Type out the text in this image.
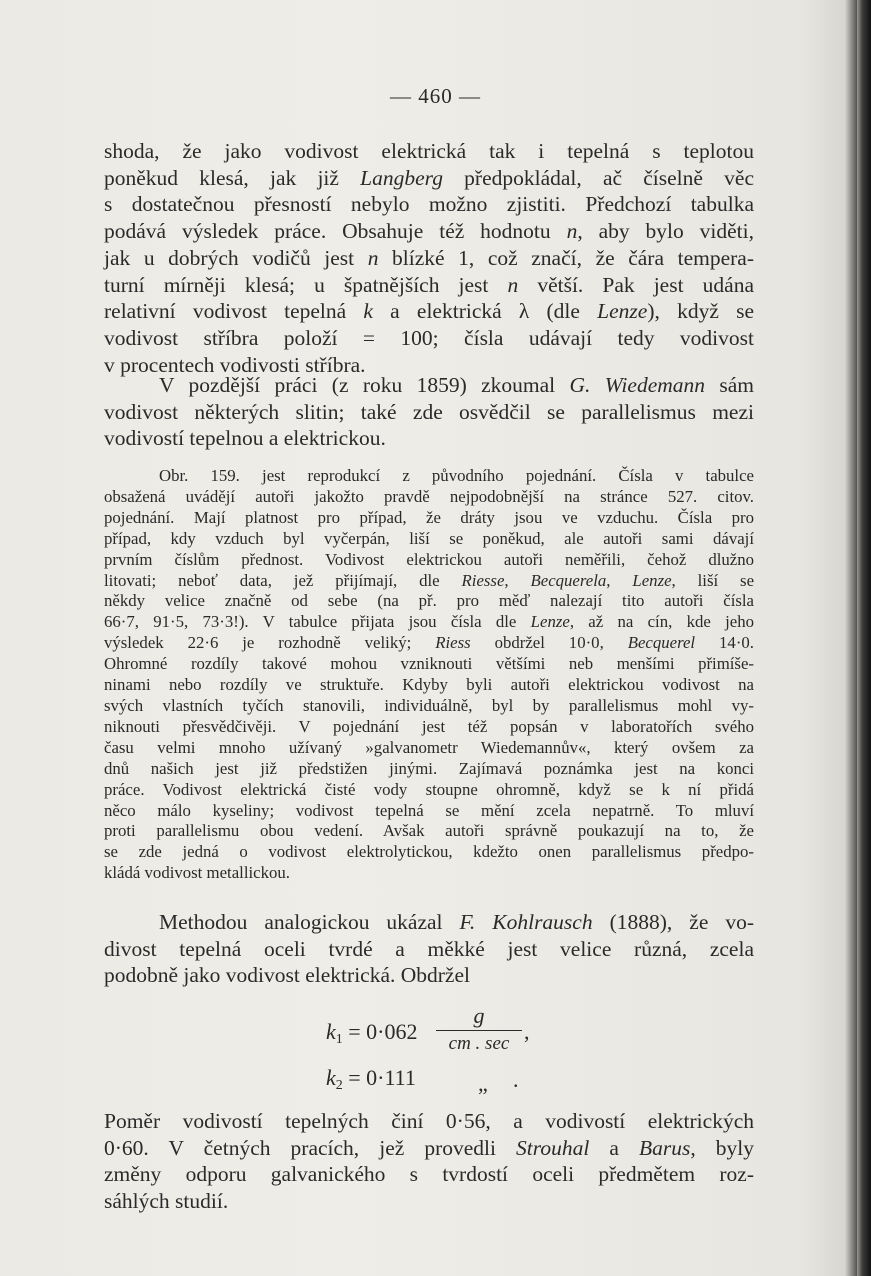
— 460 —
shoda, že jako vodivost elektrická tak i tepelná s teplotou
poněkud klesá, jak již Langberg předpokládal, ač číselně věc
s dostatečnou přesností nebylo možno zjistiti. Předchozí tabulka
podává výsledek práce. Obsahuje též hodnotu n, aby bylo viděti,
jak u dobrých vodičů jest n blízké 1, což značí, že čára tempera-
turní mírněji klesá; u špatnějších jest n větší. Pak jest udána
relativní vodivost tepelná k a elektrická λ (dle Lenze), když se
vodivost stříbra položí = 100; čísla udávají tedy vodivost
v procentech vodivosti stříbra.
V pozdější práci (z roku 1859) zkoumal G. Wiedemann sám
vodivost některých slitin; také zde osvědčil se parallelismus mezi
vodivostí tepelnou a elektrickou.
Obr. 159. jest reprodukcí z původního pojednání. Čísla v tabulce
obsažená uvádějí autoři jakožto pravdě nejpodobnější na stránce 527. citov.
pojednání. Mají platnost pro případ, že dráty jsou ve vzduchu. Čísla pro
případ, kdy vzduch byl vyčerpán, liší se poněkud, ale autoři sami dávají
prvním číslům přednost. Vodivost elektrickou autoři neměřili, čehož dlužno
litovati; neboť data, jež přijímají, dle Riesse, Becquerela, Lenze, liší se
někdy velice značně od sebe (na př. pro měď nalezají tito autoři čísla
66·7, 91·5, 73·3!). V tabulce přijata jsou čísla dle Lenze, až na cín, kde jeho
výsledek 22·6 je rozhodně veliký; Riess obdržel 10·0, Becquerel 14·0.
Ohromné rozdíly takové mohou vzniknouti většími neb menšími přimíše-
ninami nebo rozdíly ve struktuře. Kdyby byli autoři elektrickou vodivost na
svých vlastních tyčích stanovili, individuálně, byl by parallelismus mohl vy-
niknouti přesvědčivěji. V pojednání jest též popsán v laboratořích svého
času velmi mnoho užívaný »galvanometr Wiedemannův«, který ovšem za
dnů našich jest již předstižen jinými. Zajímavá poznámka jest na konci
práce. Vodivost elektrická čisté vody stoupne ohromně, když se k ní přidá
něco málo kyseliny; vodivost tepelná se mění zcela nepatrně. To mluví
proti parallelismu obou vedení. Avšak autoři správně poukazují na to, že
se zde jedná o vodivost elektrolytickou, kdežto onen parallelismus předpo-
kládá vodivost metallickou.
Methodou analogickou ukázal F. Kohlrausch (1888), že vo-
divost tepelná oceli tvrdé a měkké jest velice různá, zcela
podobně jako vodivost elektrická. Obdržel
$k_1 = 0\cdot 062$
g
cm . sec ,
$k_2 = 0\cdot 111$	„ .
Poměr vodivostí tepelných činí 0·56, a vodivostí elektrických
0·60. V četných pracích, jež provedli Strouhal a Barus, byly
změny odporu galvanického s tvrdostí oceli předmětem roz-
sáhlých studií.
